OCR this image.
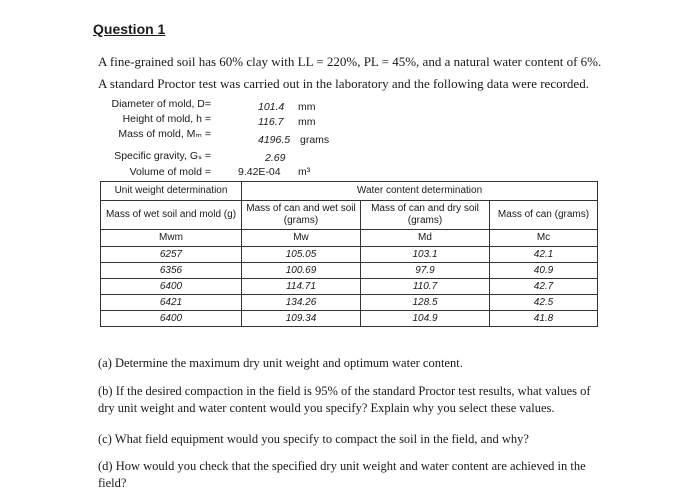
Question 1
A fine-grained soil has 60% clay with LL = 220%, PL = 45%, and a natural water content of 6%.
A standard Proctor test was carried out in the laboratory and the following data were recorded.
Diameter of mold, D=	101.4 mm
Height of mold, h =	116.7 mm
Mass of mold, Mₘ =	4196.5 grams
Specific gravity, Gₛ =	2.69
Volume of mold =	9.42E-04 m³
Unit weight determination	Water content determination		
Mass of wet soil and mold (g)	Mass of can and wet soil (grams)	Mass of can and dry soil (grams)	Mass of can (grams)
Mwm	Mw	Md	Mc
6257	105.05	103.1	42.1
6356	100.69	97.9	40.9
6400	114.71	110.7	42.7
6421	134.26	128.5	42.5
6400	109.34	104.9	41.8
(a) Determine the maximum dry unit weight and optimum water content.
(b) If the desired compaction in the field is 95% of the standard Proctor test results, what values of dry unit weight and water content would you specify? Explain why you select these values.
(c) What field equipment would you specify to compact the soil in the field, and why?
(d) How would you check that the specified dry unit weight and water content are achieved in the field?
